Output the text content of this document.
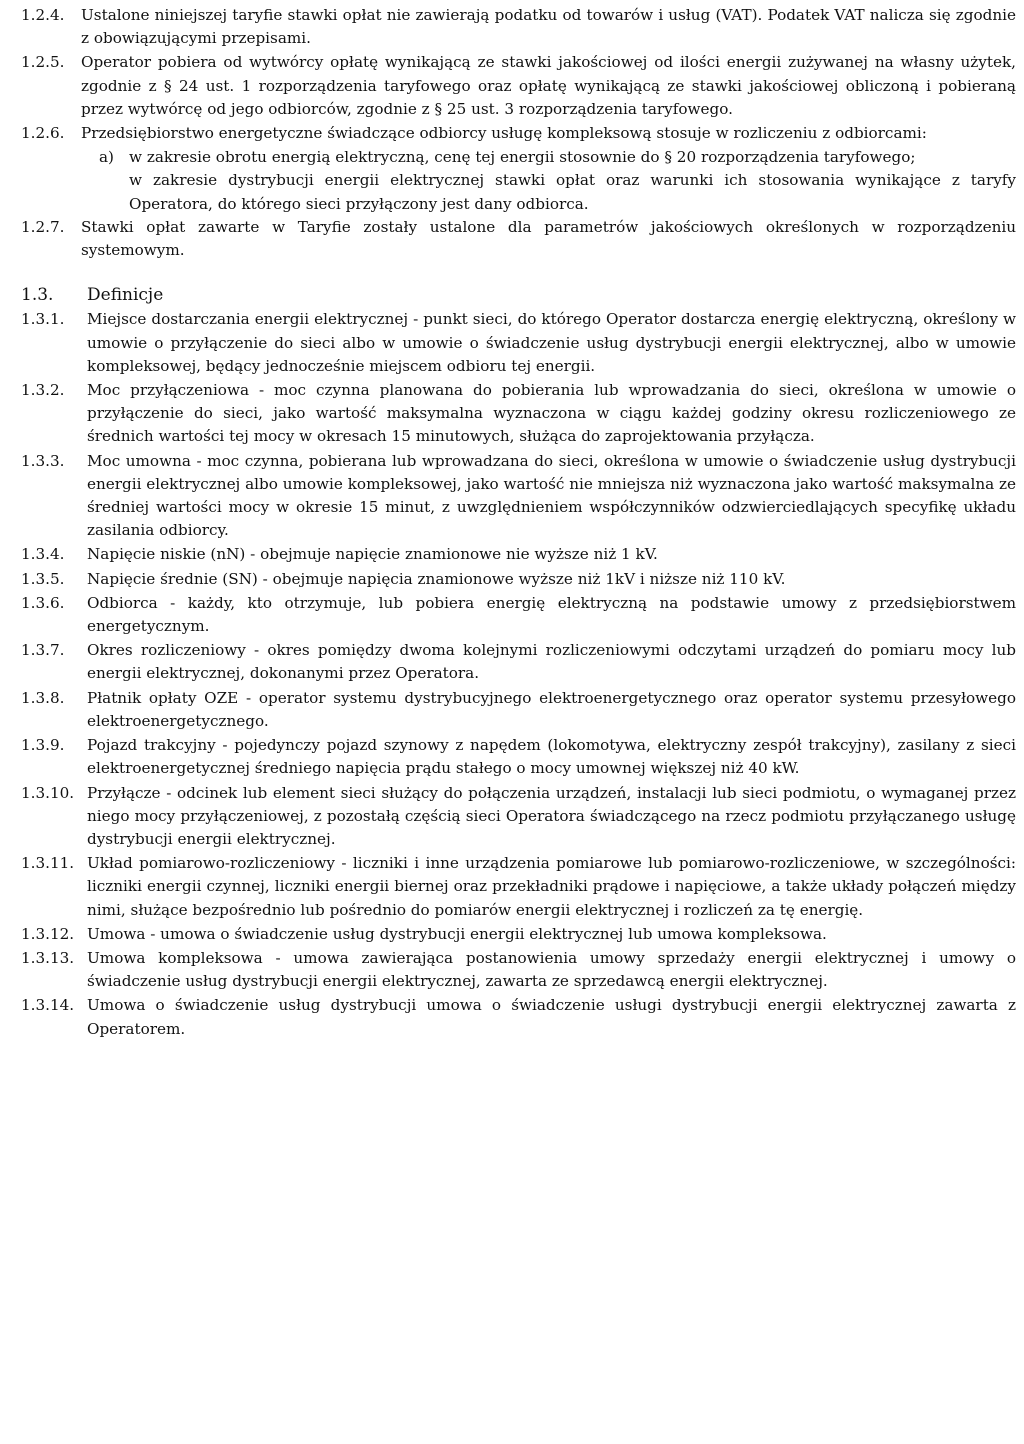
1.2.4.	Ustalone niniejszej taryfie stawki opłat nie zawierają podatku od towarów i usług (VAT). Podatek VAT nalicza się zgodnie z obowiązującymi przepisami.
1.2.5.	Operator pobiera od wytwórcy opłatę wynikającą ze stawki jakościowej od ilości energii zużywanej na własny użytek, zgodnie z § 24 ust. 1 rozporządzenia taryfowego oraz opłatę wynikającą ze stawki jakościowej obliczoną i pobieraną przez wytwórcę od jego odbiorców, zgodnie z § 25 ust. 3 rozporządzenia taryfowego.
1.2.6.	Przedsiębiorstwo energetyczne świadczące odbiorcy usługę kompleksową stosuje w rozliczeniu z odbiorcami:
a) w zakresie obrotu energią elektryczną, cenę tej energii stosownie do § 20 rozporządzenia taryfowego;
w zakresie dystrybucji energii elektrycznej stawki opłat oraz warunki ich stosowania wynikające z taryfy Operatora, do którego sieci przyłączony jest dany odbiorca.
1.2.7.	Stawki opłat zawarte w Taryfie zostały ustalone dla parametrów jakościowych określonych w rozporządzeniu systemowym.
1.3.	Definicje
1.3.1.	Miejsce dostarczania energii elektrycznej - punkt sieci, do którego Operator dostarcza energię elektryczną, określony w umowie o przyłączenie do sieci albo w umowie o świadczenie usług dystrybucji energii elektrycznej, albo w umowie kompleksowej, będący jednocześnie miejscem odbioru tej energii.
1.3.2.	Moc przyłączeniowa - moc czynna planowana do pobierania lub wprowadzania do sieci, określona w umowie o przyłączenie do sieci, jako wartość maksymalna wyznaczona w ciągu każdej godziny okresu rozliczeniowego ze średnich wartości tej mocy w okresach 15 minutowych, służąca do zaprojektowania przyłącza.
1.3.3.	Moc umowna - moc czynna, pobierana lub wprowadzana do sieci, określona w umowie o świadczenie usług dystrybucji energii elektrycznej albo umowie kompleksowej, jako wartość nie mniejsza niż wyznaczona jako wartość maksymalna ze średniej wartości mocy w okresie 15 minut, z uwzględnieniem współczynników odzwierciedlających specyfikę układu zasilania odbiorcy.
1.3.4.	Napięcie niskie (nN) - obejmuje napięcie znamionowe nie wyższe niż 1 kV.
1.3.5.	Napięcie średnie (SN) - obejmuje napięcia znamionowe wyższe niż 1kV i niższe niż 110 kV.
1.3.6.	Odbiorca - każdy, kto otrzymuje, lub pobiera energię elektryczną na podstawie umowy z przedsiębiorstwem energetycznym.
1.3.7.	Okres rozliczeniowy - okres pomiędzy dwoma kolejnymi rozliczeniowymi odczytami urządzeń do pomiaru mocy lub energii elektrycznej, dokonanymi przez Operatora.
1.3.8.	Płatnik opłaty OZE - operator systemu dystrybucyjnego elektroenergetycznego oraz operator systemu przesyłowego elektroenergetycznego.
1.3.9.	Pojazd trakcyjny - pojedynczy pojazd szynowy z napędem (lokomotywa, elektryczny zespół trakcyjny), zasilany z sieci elektroenergetycznej średniego napięcia prądu stałego o mocy umownej większej niż 40 kW.
1.3.10. Przyłącze - odcinek lub element sieci służący do połączenia urządzeń, instalacji lub sieci podmiotu, o wymaganej przez niego mocy przyłączeniowej, z pozostałą częścią sieci Operatora świadczącego na rzecz podmiotu przyłączanego usługę dystrybucji energii elektrycznej.
1.3.11. Układ pomiarowo-rozliczeniowy - liczniki i inne urządzenia pomiarowe lub pomiarowo-rozliczeniowe, w szczególności: liczniki energii czynnej, liczniki energii biernej oraz przekładniki prądowe i napięciowe, a także układy połączeń między nimi, służące bezpośrednio lub pośrednio do pomiarów energii elektrycznej i rozliczeń za tę energię.
1.3.12. Umowa - umowa o świadczenie usług dystrybucji energii elektrycznej lub umowa kompleksowa.
1.3.13. Umowa kompleksowa - umowa zawierająca postanowienia umowy sprzedaży energii elektrycznej i umowy o świadczenie usług dystrybucji energii elektrycznej, zawarta ze sprzedawcą energii elektrycznej.
1.3.14. Umowa o świadczenie usług dystrybucji umowa o świadczenie usługi dystrybucji energii elektrycznej zawarta z Operatorem.
